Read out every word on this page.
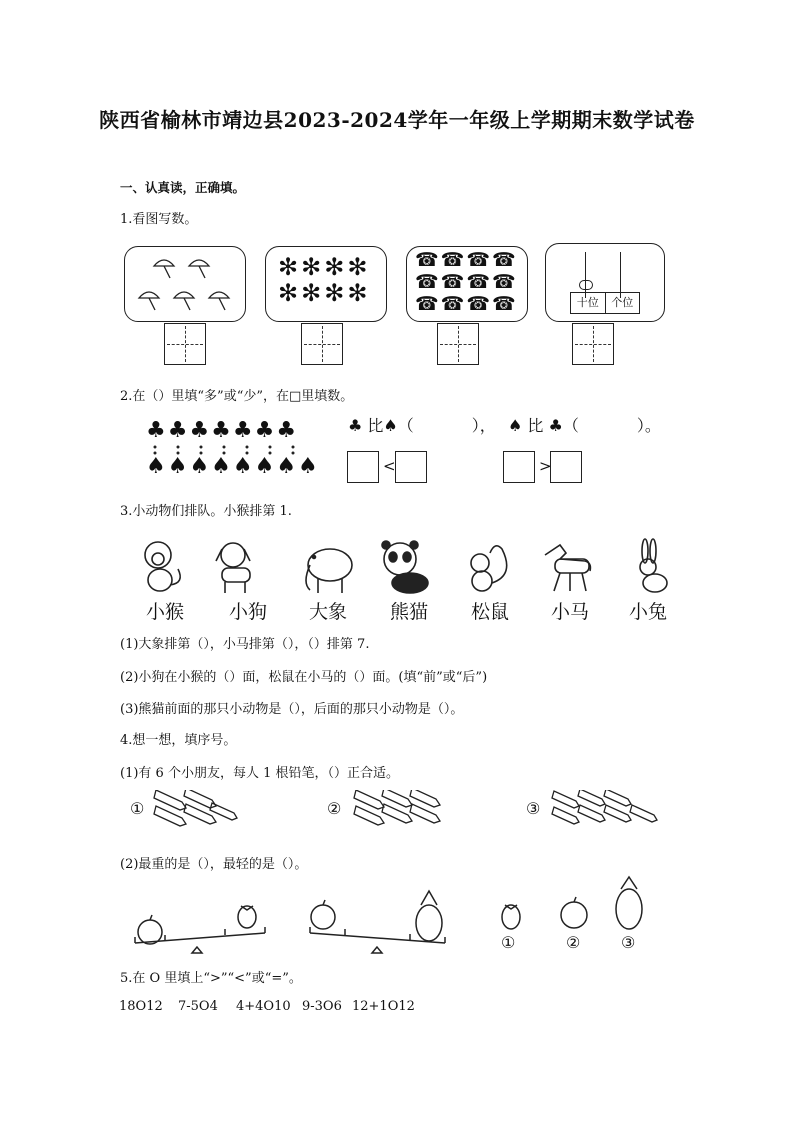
陕西省榆林市靖边县2023-2024学年一年级上学期期末数学试卷
一、认真读，正确填。
1.看图写数。
✻✻✻✻
✻✻✻✻
☎☎☎☎
☎☎☎☎
☎☎☎☎	十位	个位
2.在（）里填“多”或“少”，在□里填数。
♣♣♣♣♣♣♣
♠♠♠♠♠♠♠♠
♣ 比♠（	）， ♠ 比 ♣（	）。
<	>
3.小动物们排队。小猴排第 1.
小猴	小狗	大象	熊猫	松鼠	小马	小兔
(1)大象排第（），小马排第（），（）排第 7.
(2)小狗在小猴的（）面，松鼠在小马的（）面。(填“前”或“后”)
(3)熊猫前面的那只小动物是（），后面的那只小动物是（）。
4.想一想，填序号。
(1)有 6 个小朋友，每人 1 根铅笔，（）正合适。
①	②	③
(2)最重的是（），最轻的是（）。
①	②	③
5.在 O 里填上“>”“<”或“=”。
18O12 7-5O4 4+4O10 9-3O6 12+1O12
